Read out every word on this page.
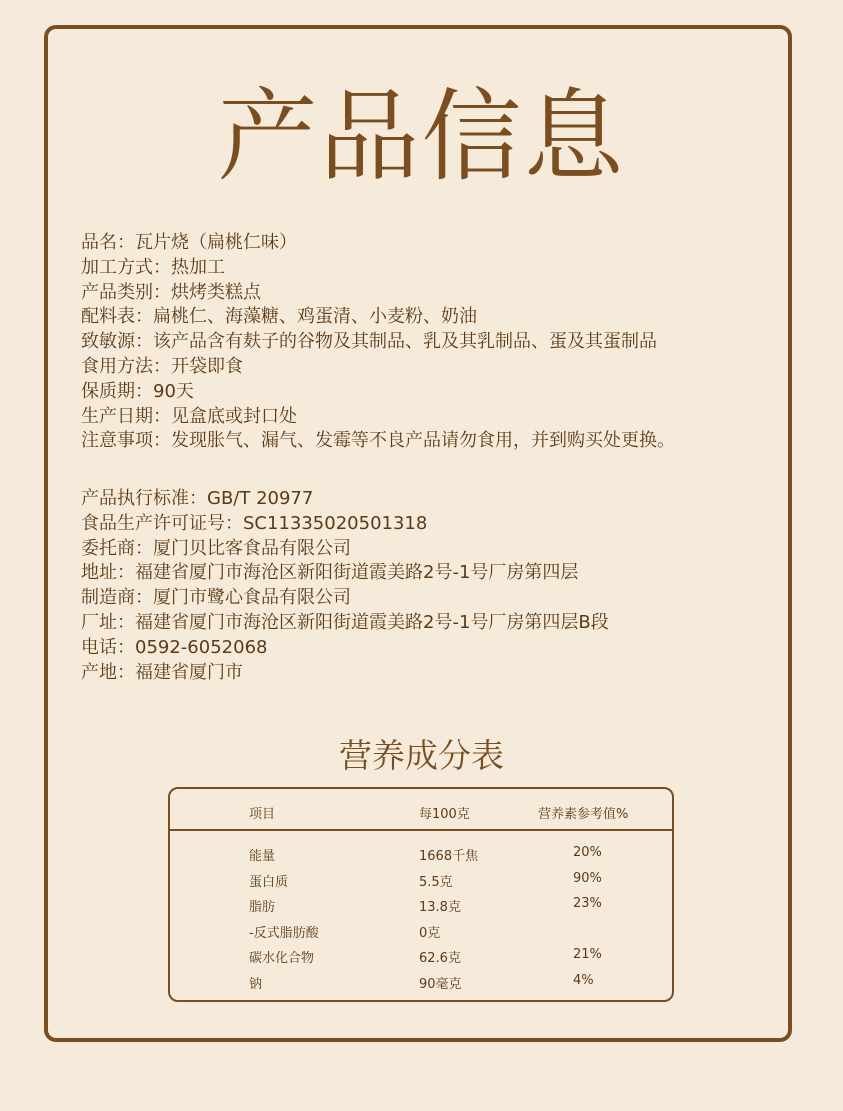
产品信息
品名：瓦片烧（扁桃仁味）
加工方式：热加工
产品类别：烘烤类糕点
配料表：扁桃仁、海藻糖、鸡蛋清、小麦粉、奶油
致敏源：该产品含有麸子的谷物及其制品、乳及其乳制品、蛋及其蛋制品
食用方法：开袋即食
保质期：90天
生产日期：见盒底或封口处
注意事项：发现胀气、漏气、发霉等不良产品请勿食用，并到购买处更换。
产品执行标准：GB/T 20977
食品生产许可证号：SC11335020501318
委托商：厦门贝比客食品有限公司
地址：福建省厦门市海沧区新阳街道霞美路2号-1号厂房第四层
制造商：厦门市鹭心食品有限公司
厂址：福建省厦门市海沧区新阳街道霞美路2号-1号厂房第四层B段
电话：0592-6052068
产地：福建省厦门市
营养成分表
项目	每100克	营养素参考值%
能量	1668千焦	20%
蛋白质	5.5克	90%
脂肪	13.8克	23%
-反式脂肪酸	0克
碳水化合物	62.6克	21%
钠	90毫克	4%
